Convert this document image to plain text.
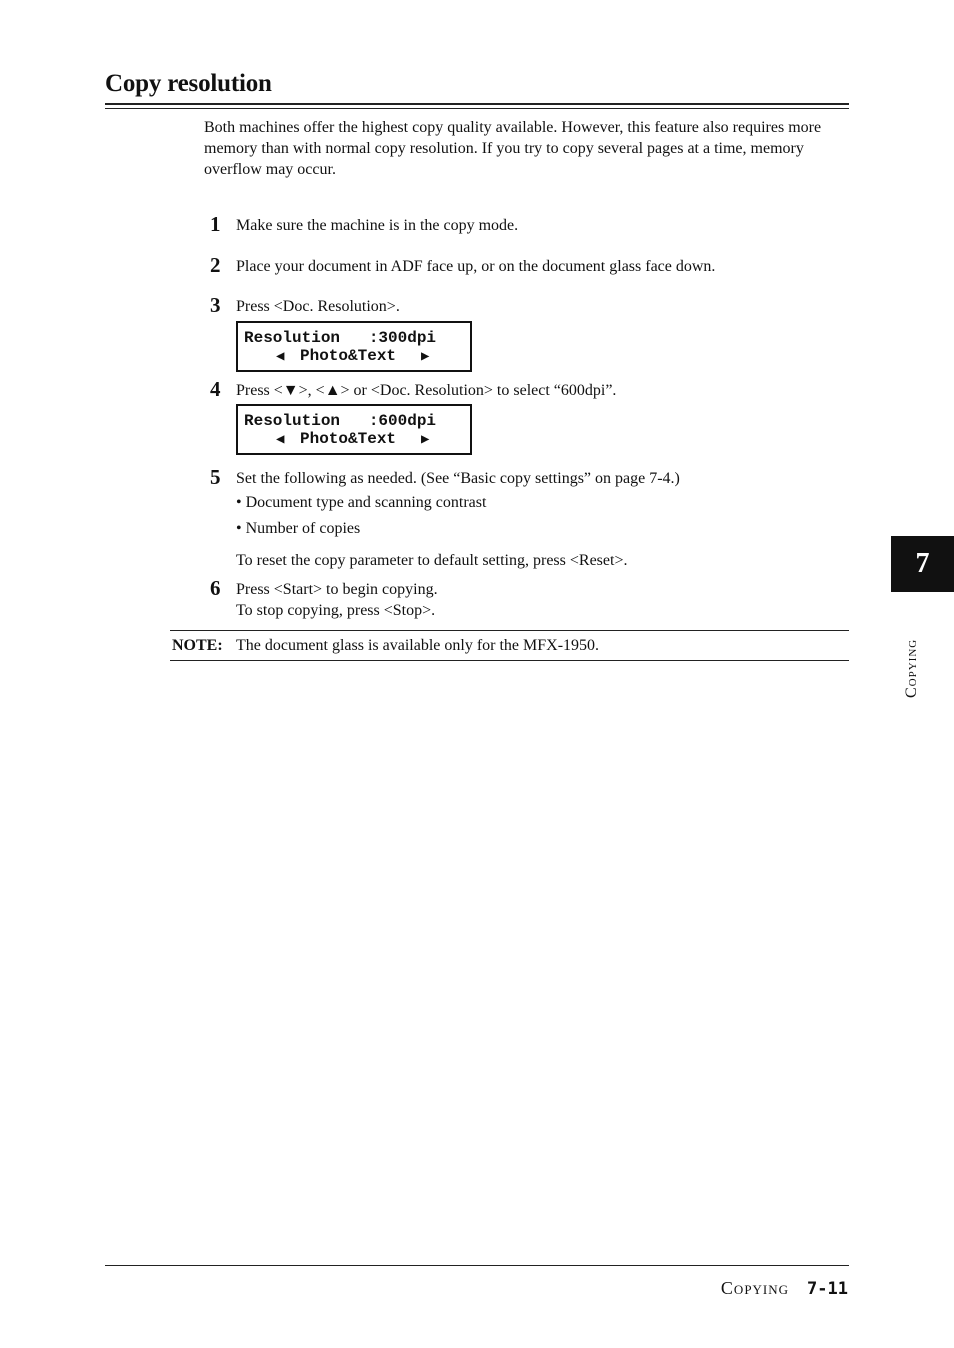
Copy resolution

Both machines offer the highest copy quality available. However, this feature also requires more memory than with normal copy resolution. If you try to copy several pages at a time, memory overflow may occur.

1 Make sure the machine is in the copy mode.
2 Place your document in ADF face up, or on the document glass face down.
3 Press <Doc. Resolution>.
Resolution   :300dpi
◀ Photo&Text ▶
4 Press <▼>, <▲> or <Doc. Resolution> to select “600dpi”.
Resolution   :600dpi
◀ Photo&Text ▶
5 Set the following as needed. (See “Basic copy settings” on page 7-4.)
• Document type and scanning contrast
• Number of copies
To reset the copy parameter to default setting, press <Reset>.
6 Press <Start> to begin copying.
To stop copying, press <Stop>.
NOTE: The document glass is available only for the MFX-1950.
7
Copying
Copying 7-11
